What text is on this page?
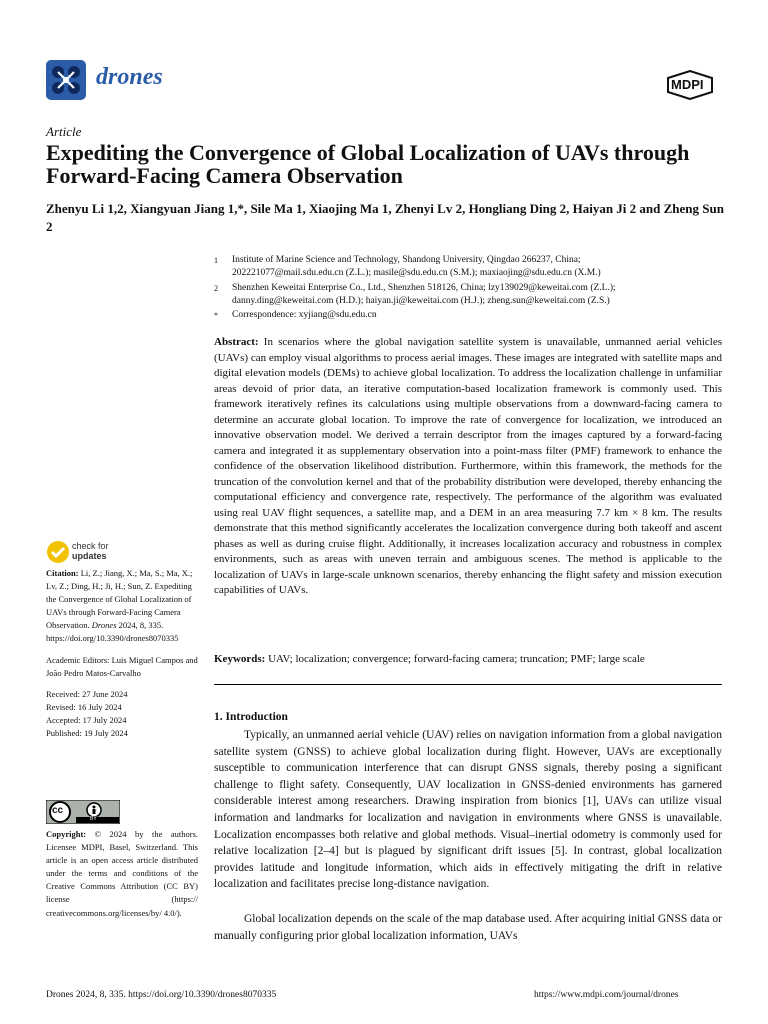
drones	MDPI
Article
Expediting the Convergence of Global Localization of UAVs through Forward-Facing Camera Observation
Zhenyu Li 1,2, Xiangyuan Jiang 1,*, Sile Ma 1, Xiaojing Ma 1, Zhenyi Lv 2, Hongliang Ding 2, Haiyan Ji 2 and Zheng Sun 2
1 Institute of Marine Science and Technology, Shandong University, Qingdao 266237, China;
202221077@mail.sdu.edu.cn (Z.L.); masile@sdu.edu.cn (S.M.); maxiaojing@sdu.edu.cn (X.M.)
2 Shenzhen Keweitai Enterprise Co., Ltd., Shenzhen 518126, China; lzy139029@keweitai.com (Z.L.);
danny.ding@keweitai.com (H.D.); haiyan.ji@keweitai.com (H.J.); zheng.sun@keweitai.com (Z.S.)
* Correspondence: xyjiang@sdu.edu.cn
Abstract: In scenarios where the global navigation satellite system is unavailable, unmanned aerial vehicles (UAVs) can employ visual algorithms to process aerial images. These images are integrated with satellite maps and digital elevation models (DEMs) to achieve global localization. To address the localization challenge in unfamiliar areas devoid of prior data, an iterative computation-based localization framework is commonly used. This framework iteratively refines its calculations using multiple observations from a downward-facing camera to determine an accurate global location. To improve the rate of convergence for localization, we introduced an innovative observation model. We derived a terrain descriptor from the images captured by a forward-facing camera and integrated it as supplementary observation into a point-mass filter (PMF) framework to enhance the confidence of the observation likelihood distribution. Furthermore, within this framework, the methods for the truncation of the convolution kernel and that of the probability distribution were developed, thereby enhancing the computational efficiency and convergence rate, respectively. The performance of the algorithm was evaluated using real UAV flight sequences, a satellite map, and a DEM in an area measuring 7.7 km × 8 km. The results demonstrate that this method significantly accelerates the localization convergence during both takeoff and ascent phases as well as during cruise flight. Additionally, it increases localization accuracy and robustness in complex environments, such as areas with uneven terrain and ambiguous scenes. The method is applicable to the localization of UAVs in large-scale unknown scenarios, thereby enhancing the flight safety and mission execution capabilities of UAVs.
Keywords: UAV; localization; convergence; forward-facing camera; truncation; PMF; large scale
check for
updates

Citation: Li, Z.; Jiang, X.; Ma, S.; Ma, X.; Lv, Z.; Ding, H.; Ji, H.; Sun, Z. Expediting the Convergence of Global Localization of UAVs through Forward-Facing Camera Observation. Drones 2024, 8, 335. https://doi.org/10.3390/drones8070335

Academic Editors: Luis Miguel Campos and João Pedro Matos-Carvalho

Received: 27 June 2024
Revised: 16 July 2024
Accepted: 17 July 2024
Published: 19 July 2024

BY
cc
Copyright: © 2024 by the authors. Licensee MDPI, Basel, Switzerland. This article is an open access article distributed under the terms and conditions of the Creative Commons Attribution (CC BY) license (https:// creativecommons.org/licenses/by/ 4.0/).
1. Introduction
Typically, an unmanned aerial vehicle (UAV) relies on navigation information from a global navigation satellite system (GNSS) to achieve global localization during flight. However, UAVs are exceptionally susceptible to communication interference that can disrupt GNSS signals, thereby posing a significant challenge to flight safety. Consequently, UAV localization in GNSS-denied environments has garnered considerable interest among researchers. Drawing inspiration from bionics [1], UAVs can utilize visual information and landmarks for localization and navigation in environments where GNSS is unavailable. Localization encompasses both relative and global methods. Visual–inertial odometry is commonly used for relative localization [2–4] but is plagued by significant drift issues [5]. In contrast, global localization provides latitude and longitude information, which aids in effectively mitigating the drift in relative localization and facilitates precise long-distance navigation.
Global localization depends on the scale of the map database used. After acquiring initial GNSS data or manually configuring prior global localization information, UAVs
Drones 2024, 8, 335. https://doi.org/10.3390/drones8070335	https://www.mdpi.com/journal/drones
